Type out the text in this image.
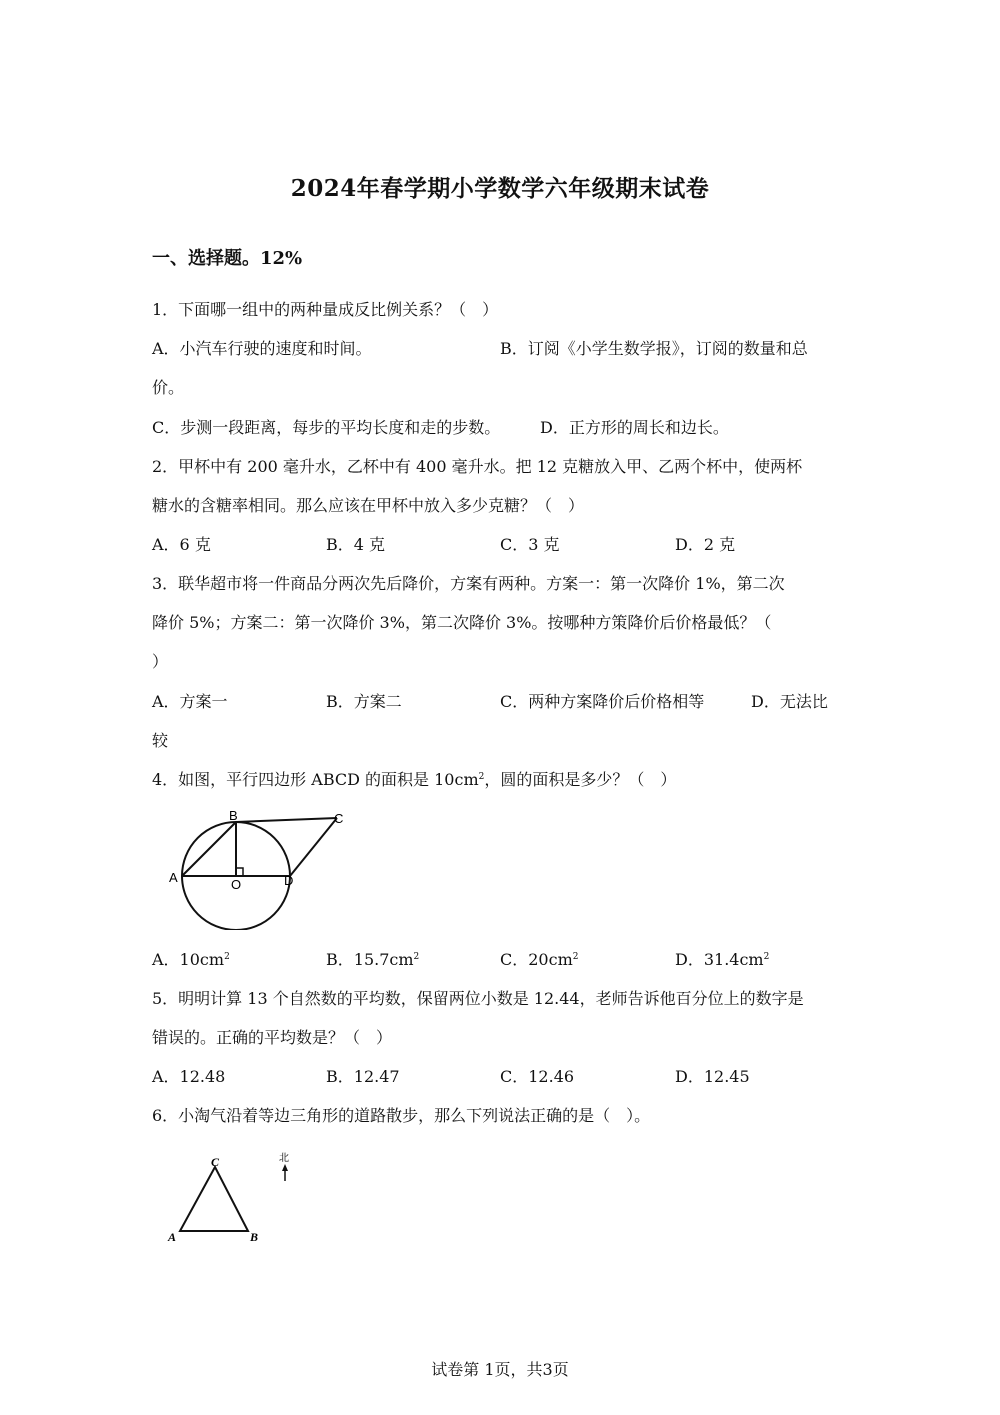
2024年春学期小学数学六年级期末试卷
一、选择题。12%
1．下面哪一组中的两种量成反比例关系？（　）
A．小汽车行驶的速度和时间。	B．订阅《小学生数学报》，订阅的数量和总
价。
C．步测一段距离，每步的平均长度和走的步数。 D．正方形的周长和边长。
2．甲杯中有 200 毫升水，乙杯中有 400 毫升水。把 12 克糖放入甲、乙两个杯中，使两杯
糖水的含糖率相同。那么应该在甲杯中放入多少克糖？（　）
A．6 克	B．4 克	C．3 克	D．2 克
3．联华超市将一件商品分两次先后降价，方案有两种。方案一：第一次降价 1%，第二次
降价 5%；方案二：第一次降价 3%，第二次降价 3%。按哪种方策降价后价格最低？（
）
A．方案一	B．方案二	C．两种方案降价后价格相等	D．无法比
较
4．如图，平行四边形 ABCD 的面积是 $10cm^2$，圆的面积是多少？（　）
A
B	C
D
O
A．$10cm^2$	B．$15.7cm^2$	C．$20cm^2$	D．$31.4cm^2$
5．明明计算 13 个自然数的平均数，保留两位小数是 12.44，老师告诉他百分位上的数字是
错误的。正确的平均数是？（　）
A．12.48	B．12.47	C．12.46	D．12.45
6．小淘气沿着等边三角形的道路散步，那么下列说法正确的是（　）。
C
A	B
北
试卷第 1页，共3页
